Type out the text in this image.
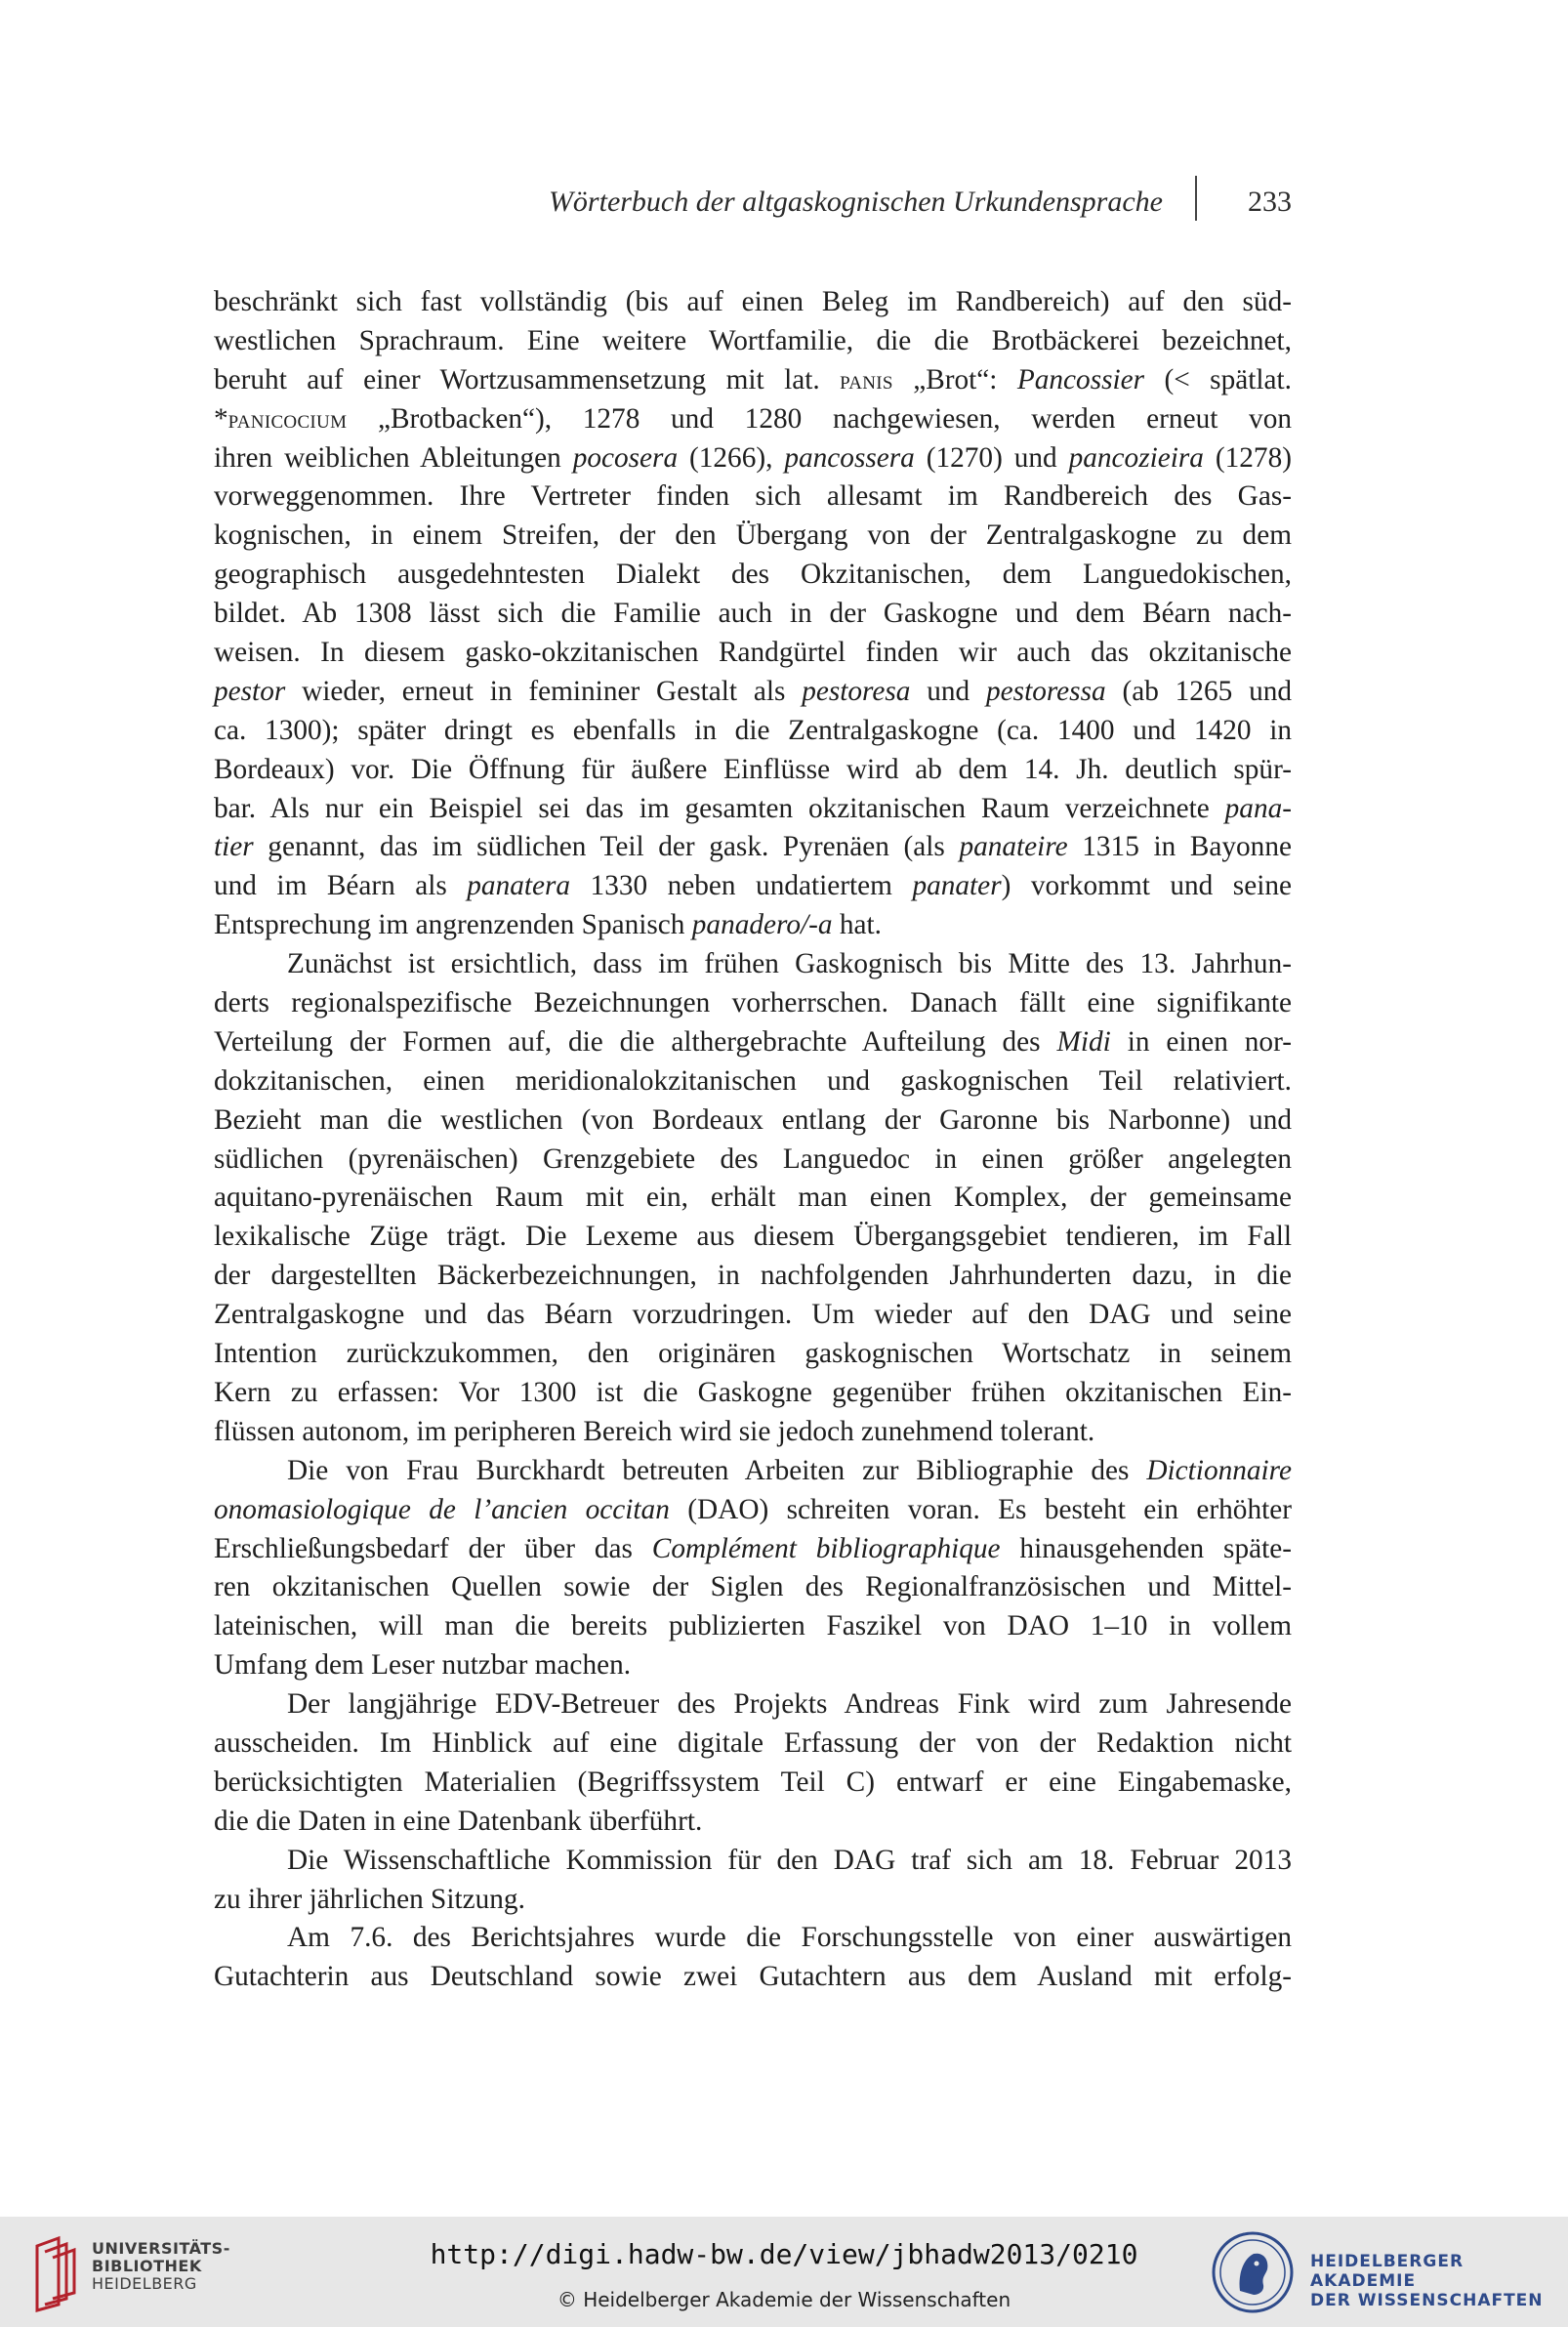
Wörterbuch der altgaskognischen Urkundensprache	233
beschränkt sich fast vollständig (bis auf einen Beleg im Randbereich) auf den süd-
westlichen Sprachraum. Eine weitere Wortfamilie, die die Brotbäckerei bezeichnet,
beruht auf einer Wortzusammensetzung mit lat. panis „Brot“: Pancossier (< spätlat.
*panicocium „Brotbacken“), 1278 und 1280 nachgewiesen, werden erneut von
ihren weiblichen Ableitungen pocosera (1266), pancossera (1270) und pancozieira (1278)
vorweggenommen. Ihre Vertreter finden sich allesamt im Randbereich des Gas-
kognischen, in einem Streifen, der den Übergang von der Zentralgaskogne zu dem
geographisch ausgedehntesten Dialekt des Okzitanischen, dem Languedokischen,
bildet. Ab 1308 lässt sich die Familie auch in der Gaskogne und dem Béarn nach-
weisen. In diesem gasko-okzitanischen Randgürtel finden wir auch das okzitanische
pestor wieder, erneut in femininer Gestalt als pestoresa und pestoressa (ab 1265 und
ca. 1300); später dringt es ebenfalls in die Zentralgaskogne (ca. 1400 und 1420 in
Bordeaux) vor. Die Öffnung für äußere Einflüsse wird ab dem 14. Jh. deutlich spür-
bar. Als nur ein Beispiel sei das im gesamten okzitanischen Raum verzeichnete pana-
tier genannt, das im südlichen Teil der gask. Pyrenäen (als panateire 1315 in Bayonne
und im Béarn als panatera 1330 neben undatiertem panater) vorkommt und seine
Entsprechung im angrenzenden Spanisch panadero/-a hat.
Zunächst ist ersichtlich, dass im frühen Gaskognisch bis Mitte des 13. Jahrhun-
derts regionalspezifische Bezeichnungen vorherrschen. Danach fällt eine signifikante
Verteilung der Formen auf, die die althergebrachte Aufteilung des Midi in einen nor-
dokzitanischen, einen meridionalokzitanischen und gaskognischen Teil relativiert.
Bezieht man die westlichen (von Bordeaux entlang der Garonne bis Narbonne) und
südlichen (pyrenäischen) Grenzgebiete des Languedoc in einen größer angelegten
aquitano-pyrenäischen Raum mit ein, erhält man einen Komplex, der gemeinsame
lexikalische Züge trägt. Die Lexeme aus diesem Übergangsgebiet tendieren, im Fall
der dargestellten Bäckerbezeichnungen, in nachfolgenden Jahrhunderten dazu, in die
Zentralgaskogne und das Béarn vorzudringen. Um wieder auf den DAG und seine
Intention zurückzukommen, den originären gaskognischen Wortschatz in seinem
Kern zu erfassen: Vor 1300 ist die Gaskogne gegenüber frühen okzitanischen Ein-
flüssen autonom, im peripheren Bereich wird sie jedoch zunehmend tolerant.
Die von Frau Burckhardt betreuten Arbeiten zur Bibliographie des Dictionnaire
onomasiologique de l’ancien occitan (DAO) schreiten voran. Es besteht ein erhöhter
Erschließungsbedarf der über das Complément bibliographique hinausgehenden späte-
ren okzitanischen Quellen sowie der Siglen des Regionalfranzösischen und Mittel-
lateinischen, will man die bereits publizierten Faszikel von DAO 1–10 in vollem
Umfang dem Leser nutzbar machen.
Der langjährige EDV-Betreuer des Projekts Andreas Fink wird zum Jahresende
ausscheiden. Im Hinblick auf eine digitale Erfassung der von der Redaktion nicht
berücksichtigten Materialien (Begriffssystem Teil C) entwarf er eine Eingabemaske,
die die Daten in eine Datenbank überführt.
Die Wissenschaftliche Kommission für den DAG traf sich am 18. Februar 2013
zu ihrer jährlichen Sitzung.
Am 7.6. des Berichtsjahres wurde die Forschungsstelle von einer auswärtigen
Gutachterin aus Deutschland sowie zwei Gutachtern aus dem Ausland mit erfolg-
UNIVERSITÄTS-
BIBLIOTHEK
HEIDELBERG
http://digi.hadw-bw.de/view/jbhadw2013/0210
© Heidelberger Akademie der Wissenschaften
HEIDELBERGER AKADEMIE
DER WISSENSCHAFTEN
